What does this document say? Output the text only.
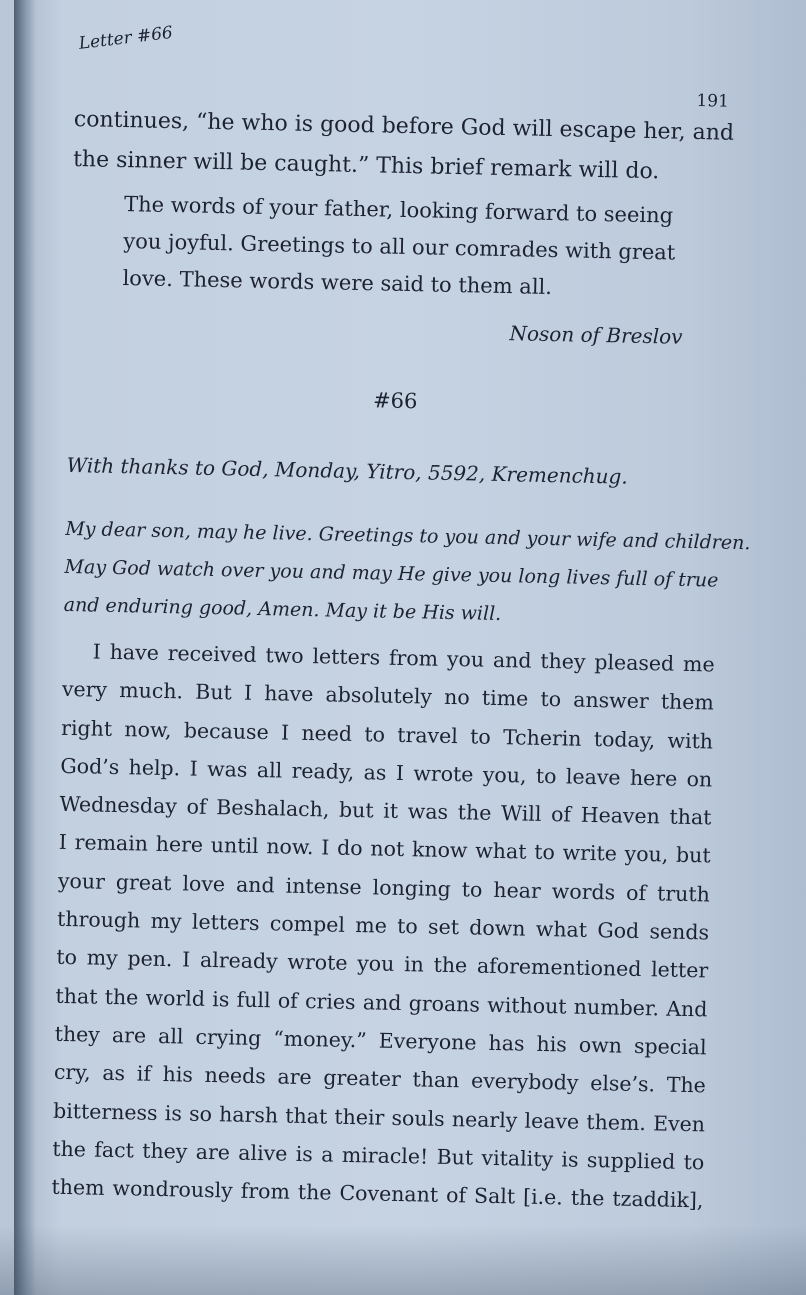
Letter #66
191
continues, “he who is good before God will escape her, and
the sinner will be caught.” This brief remark will do.
The words of your father, looking forward to seeing
you joyful. Greetings to all our comrades with great
love. These words were said to them all.
Noson of Breslov
#66
With thanks to God, Monday, Yitro, 5592, Kremenchug.
My dear son, may he live. Greetings to you and your wife and children.
May God watch over you and may He give you long lives full of true
and enduring good, Amen. May it be His will.
I have received two letters from you and they pleased me
very much. But I have absolutely no time to answer them
right now, because I need to travel to Tcherin today, with
God’s help. I was all ready, as I wrote you, to leave here on
Wednesday of Beshalach, but it was the Will of Heaven that
I remain here until now. I do not know what to write you, but
your great love and intense longing to hear words of truth
through my letters compel me to set down what God sends
to my pen. I already wrote you in the aforementioned letter
that the world is full of cries and groans without number. And
they are all crying “money.” Everyone has his own special
cry, as if his needs are greater than everybody else’s. The
bitterness is so harsh that their souls nearly leave them. Even
the fact they are alive is a miracle! But vitality is supplied to
them wondrously from the Covenant of Salt [i.e. the tzaddik],
